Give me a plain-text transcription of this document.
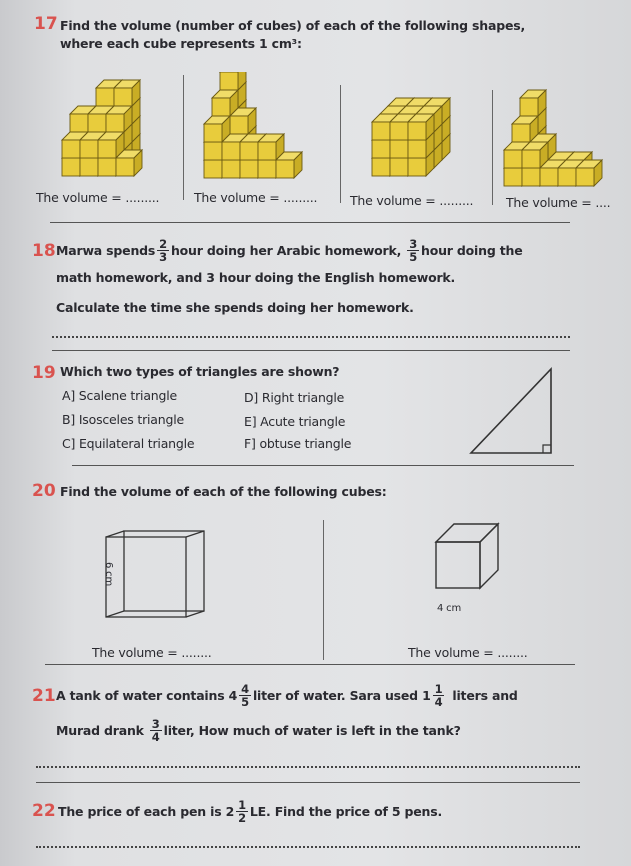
17 Find the volume (number of cubes) of each of the following shapes,
where each cube represents 1 cm³:
The volume = .........	The volume = .........	The volume = .........	The volume = ....
18 Marwa spends $\frac{2}{3}$ hour doing her Arabic homework, $\frac{3}{5}$ hour doing the
math homework, and 3 hour doing the English homework.
Calculate the time she spends doing her homework.
19 Which two types of triangles are shown?
A] Scalene triangle
B] Isosceles triangle
C] Equilateral triangle
D] Right triangle
E] Acute triangle
F] obtuse triangle
20 Find the volume of each of the following cubes:
6 cm
4 cm
The volume = ........	The volume = ........
21 A tank of water contains $4 \frac{4}{5}$ liter of water. Sara used $1 \frac{1}{4}$ liters and
Murad drank $\frac{3}{4}$ liter, How much of water is left in the tank?
22 The price of each pen is $2 \frac{1}{2}$ LE. Find the price of 5 pens.
